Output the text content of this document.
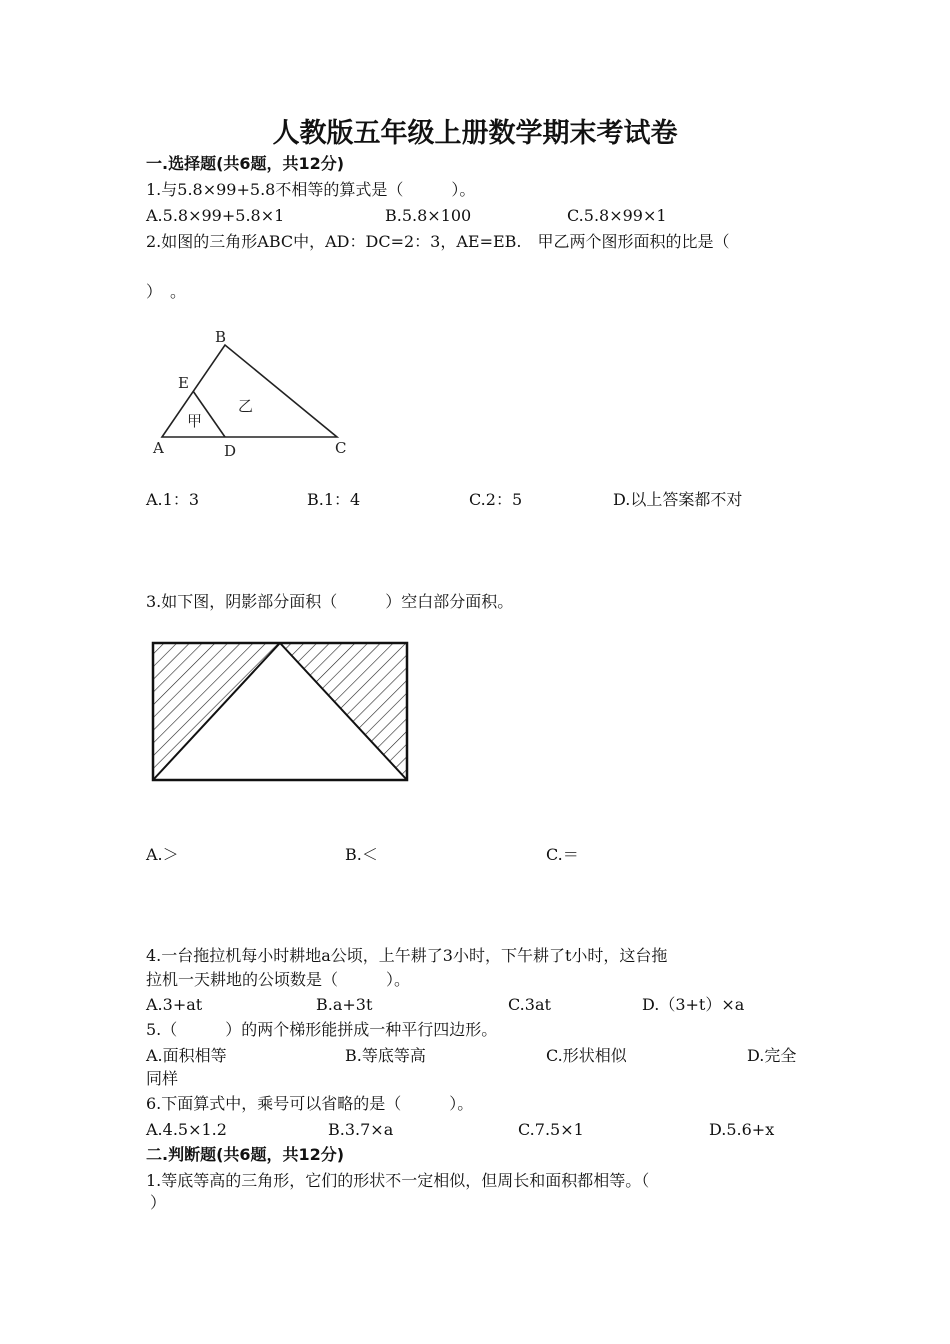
人教版五年级上册数学期末考试卷
一.选择题(共6题，共12分)
1.与5.8×99+5.8不相等的算式是（　　　）。
A.5.8×99+5.8×1	B.5.8×100	C.5.8×99×1
2.如图的三角形ABC中，AD：DC=2：3，AE=EB.　甲乙两个图形面积的比是（
）　。
B
E
A	D	C
甲
乙
A.1：3	B.1：4	C.2：5	D.以上答案都不对
3.如下图，阴影部分面积（　　　）空白部分面积。
A.＞	B.＜	C.＝
4.一台拖拉机每小时耕地a公顷，上午耕了3小时，下午耕了t小时，这台拖
拉机一天耕地的公顷数是（　　　）。
A.3+at	B.a+3t	C.3at	D.（3+t）×a
5.（　　　）的两个梯形能拼成一种平行四边形。
A.面积相等	B.等底等高	C.形状相似	D.完全
同样
6.下面算式中，乘号可以省略的是（　　　）。
A.4.5×1.2	B.3.7×a	C.7.5×1	D.5.6+x
二.判断题(共6题，共12分)
1.等底等高的三角形，它们的形状不一定相似，但周长和面积都相等。（
）
